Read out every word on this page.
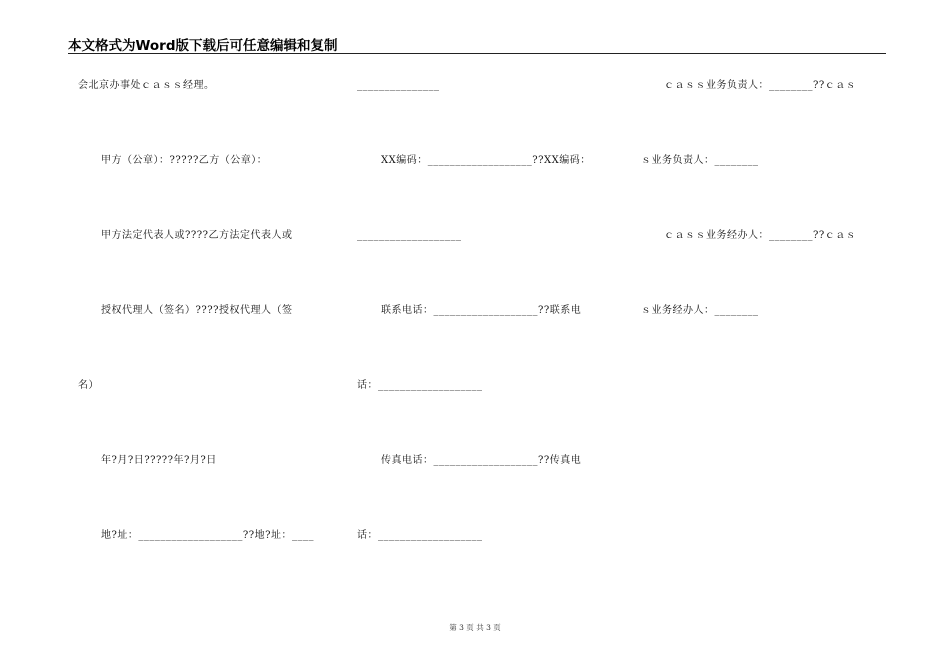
本文格式为Word版下载后可任意编辑和复制
会北京办事处ｃａｓｓ经理。
甲方（公章）：?????乙方（公章）：
甲方法定代表人或????乙方法定代表人或
授权代理人（签名）????授权代理人（签
名）
年?月?日?????年?月?日
地?址：___________________??地?址：____
_______________
XX编码：___________________??XX编码：
___________________
联系电话：___________________??联系电
话：___________________
传真电话：___________________??传真电
话：___________________
ｃａｓｓ业务负责人：________??ｃａｓ
ｓ业务负责人：________
ｃａｓｓ业务经办人：________??ｃａｓ
ｓ业务经办人：________
第 3 页 共 3 页
